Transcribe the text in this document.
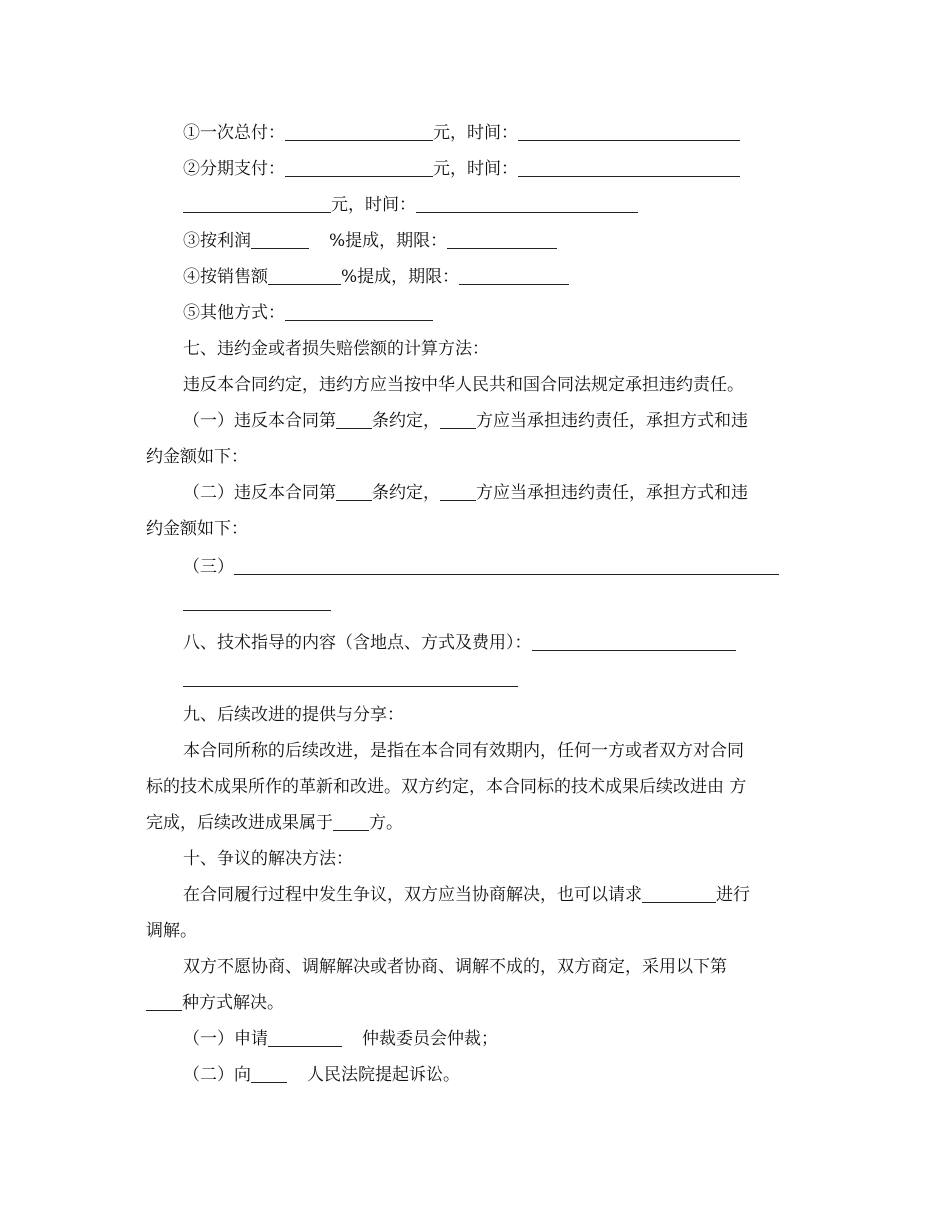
①一次总付：	元，时间：
②分期支付：	元，时间：
元，时间：
③按利润	%提成，期限：
④按销售额	%提成，期限：
⑤其他方式：
七、违约金或者损失赔偿额的计算方法：
违反本合同约定，违约方应当按中华人民共和国合同法规定承担违约责任。
（一）违反本合同第 条约定， 方应当承担违约责任，承担方式和违
约金额如下：
（二）违反本合同第 条约定， 方应当承担违约责任，承担方式和违
约金额如下：
（三）
八、技术指导的内容（含地点、方式及费用）：
九、后续改进的提供与分享：
本合同所称的后续改进，是指在本合同有效期内，任何一方或者双方对合同
标的技术成果所作的革新和改进。双方约定，本合同标的技术成果后续改进由 方
完成，后续改进成果属于 方。
十、争议的解决方法：
在合同履行过程中发生争议，双方应当协商解决，也可以请求	进行
调解。
双方不愿协商、调解解决或者协商、调解不成的，双方商定，采用以下第
种方式解决。
（一）申请	仲裁委员会仲裁；
（二）向	人民法院提起诉讼。
